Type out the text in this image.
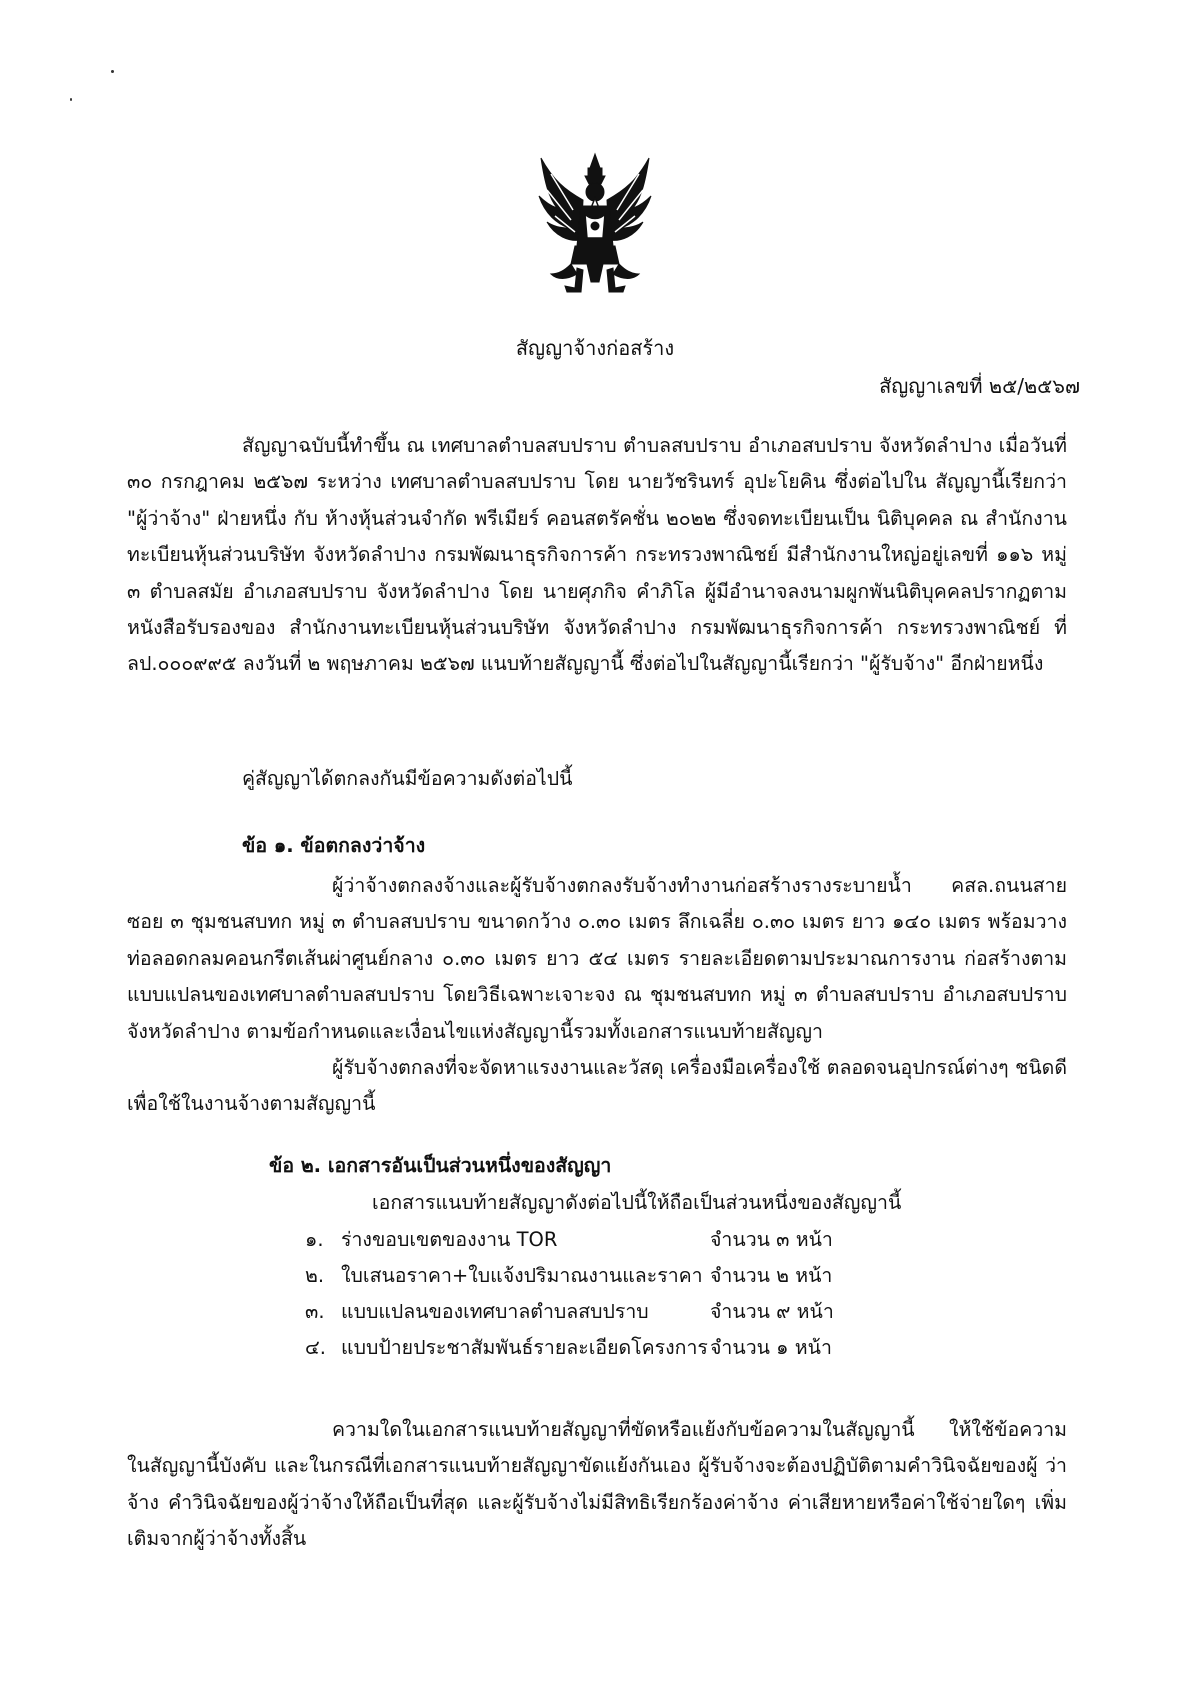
สัญญาจ้างก่อสร้าง
สัญญาเลขที่ ๒๕/๒๕๖๗
สัญญาฉบับนี้ทำขึ้น ณ เทศบาลตำบลสบปราบ ตำบลสบปราบ อำเภอสบปราบ จังหวัดลำปาง เมื่อวันที่ ๓๐ กรกฎาคม ๒๕๖๗ ระหว่าง เทศบาลตำบลสบปราบ โดย นายวัชรินทร์ อุปะโยคิน ซึ่งต่อไปใน สัญญานี้เรียกว่า "ผู้ว่าจ้าง" ฝ่ายหนึ่ง กับ ห้างหุ้นส่วนจำกัด พรีเมียร์ คอนสตรัคชั่น ๒๐๒๒ ซึ่งจดทะเบียนเป็น นิติบุคคล ณ สำนักงานทะเบียนหุ้นส่วนบริษัท จังหวัดลำปาง กรมพัฒนาธุรกิจการค้า กระทรวงพาณิชย์ มีสำนักงานใหญ่อยู่เลขที่ ๑๑๖ หมู่ ๓ ตำบลสมัย อำเภอสบปราบ จังหวัดลำปาง โดย นายศุภกิจ คำภิโล ผู้มีอำนาจลงนามผูกพันนิติบุคคลปรากฏตามหนังสือรับรองของ สำนักงานทะเบียนหุ้นส่วนบริษัท จังหวัดลำปาง กรมพัฒนาธุรกิจการค้า กระทรวงพาณิชย์ ที่ ลป.๐๐๐๙๙๕ ลงวันที่ ๒ พฤษภาคม ๒๕๖๗ แนบท้ายสัญญานี้ ซึ่งต่อไปในสัญญานี้เรียกว่า "ผู้รับจ้าง" อีกฝ่ายหนึ่ง
คู่สัญญาได้ตกลงกันมีข้อความดังต่อไปนี้
ข้อ ๑. ข้อตกลงว่าจ้าง
ผู้ว่าจ้างตกลงจ้างและผู้รับจ้างตกลงรับจ้างทำงานก่อสร้างรางระบายน้ำ คสล.ถนนสาย ซอย ๓ ชุมชนสบทก หมู่ ๓ ตำบลสบปราบ ขนาดกว้าง ๐.๓๐ เมตร ลึกเฉลี่ย ๐.๓๐ เมตร ยาว ๑๔๐ เมตร พร้อมวางท่อลอดกลมคอนกรีตเส้นผ่าศูนย์กลาง ๐.๓๐ เมตร ยาว ๕๔ เมตร รายละเอียดตามประมาณการงาน ก่อสร้างตามแบบแปลนของเทศบาลตำบลสบปราบ โดยวิธีเฉพาะเจาะจง ณ ชุมชนสบทก หมู่ ๓ ตำบลสบปราบ อำเภอสบปราบ จังหวัดลำปาง ตามข้อกำหนดและเงื่อนไขแห่งสัญญานี้รวมทั้งเอกสารแนบท้ายสัญญา
ผู้รับจ้างตกลงที่จะจัดหาแรงงานและวัสดุ เครื่องมือเครื่องใช้ ตลอดจนอุปกรณ์ต่างๆ ชนิดดีเพื่อใช้ในงานจ้างตามสัญญานี้
ข้อ ๒. เอกสารอันเป็นส่วนหนึ่งของสัญญา
เอกสารแนบท้ายสัญญาดังต่อไปนี้ให้ถือเป็นส่วนหนึ่งของสัญญานี้
๑. ร่างขอบเขตของงาน TOR	จำนวน ๓ หน้า
๒. ใบเสนอราคา+ใบแจ้งปริมาณงานและราคา จำนวน ๒ หน้า
๓. แบบแปลนของเทศบาลตำบลสบปราบ	จำนวน ๙ หน้า
๔. แบบป้ายประชาสัมพันธ์รายละเอียดโครงการ จำนวน ๑ หน้า
ความใดในเอกสารแนบท้ายสัญญาที่ขัดหรือแย้งกับข้อความในสัญญานี้ ให้ใช้ข้อความ ในสัญญานี้บังคับ และในกรณีที่เอกสารแนบท้ายสัญญาขัดแย้งกันเอง ผู้รับจ้างจะต้องปฏิบัติตามคำวินิจฉัยของผู้ ว่าจ้าง คำวินิจฉัยของผู้ว่าจ้างให้ถือเป็นที่สุด และผู้รับจ้างไม่มีสิทธิเรียกร้องค่าจ้าง ค่าเสียหายหรือค่าใช้จ่ายใดๆ เพิ่มเติมจากผู้ว่าจ้างทั้งสิ้น
